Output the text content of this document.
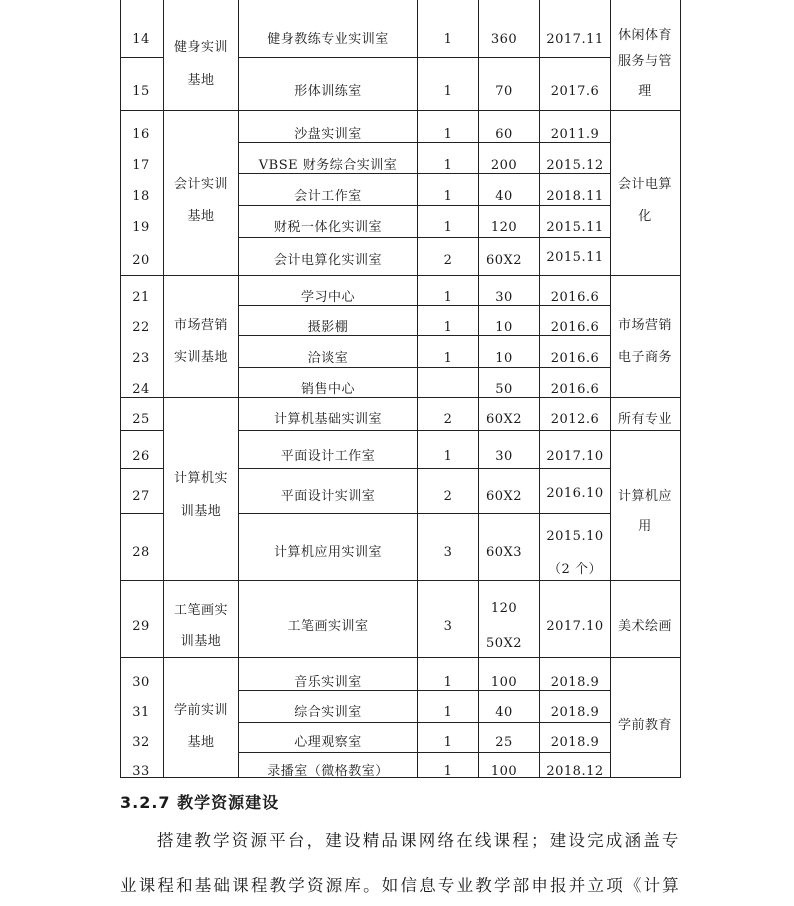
14
15
16
17
18
19
20
21
22
23
24
25
26
27
28
29
30
31
32
33
健身实训
基地
会计实训
基地
市场营销
实训基地
计算机实
训基地
工笔画实
训基地
学前实训
基地
健身教练专业实训室
形体训练室
沙盘实训室
VBSE 财务综合实训室
会计工作室
财税一体化实训室
会计电算化实训室
学习中心
摄影棚
洽谈室
销售中心
计算机基础实训室
平面设计工作室
平面设计实训室
计算机应用实训室
工笔画实训室
音乐实训室
综合实训室
心理观察室
录播室（微格教室）
1
1
1
1
1
1
2
1
1
1
2
1
2
3
3
1
1
1
1
360
70
60
200
40
120
60X2
30
10
10
50
60X2
30
60X2
60X3
120
50X2
100
40
25
100
2017.11
2017.6
2011.9
2015.12
2018.11
2015.11
2015.11
2016.6
2016.6
2016.6
2016.6
2012.6
2017.10
2016.10
2015.10
（2 个）
2017.10
2018.9
2018.9
2018.9
2018.12
休闲体育
服务与管
理
会计电算
化
市场营销
电子商务
所有专业
计算机应
用
美术绘画
学前教育
3.2.7 教学资源建设
搭建教学资源平台，建设精品课网络在线课程；建设完成涵盖专
业课程和基础课程教学资源库。如信息专业教学部申报并立项《计算
